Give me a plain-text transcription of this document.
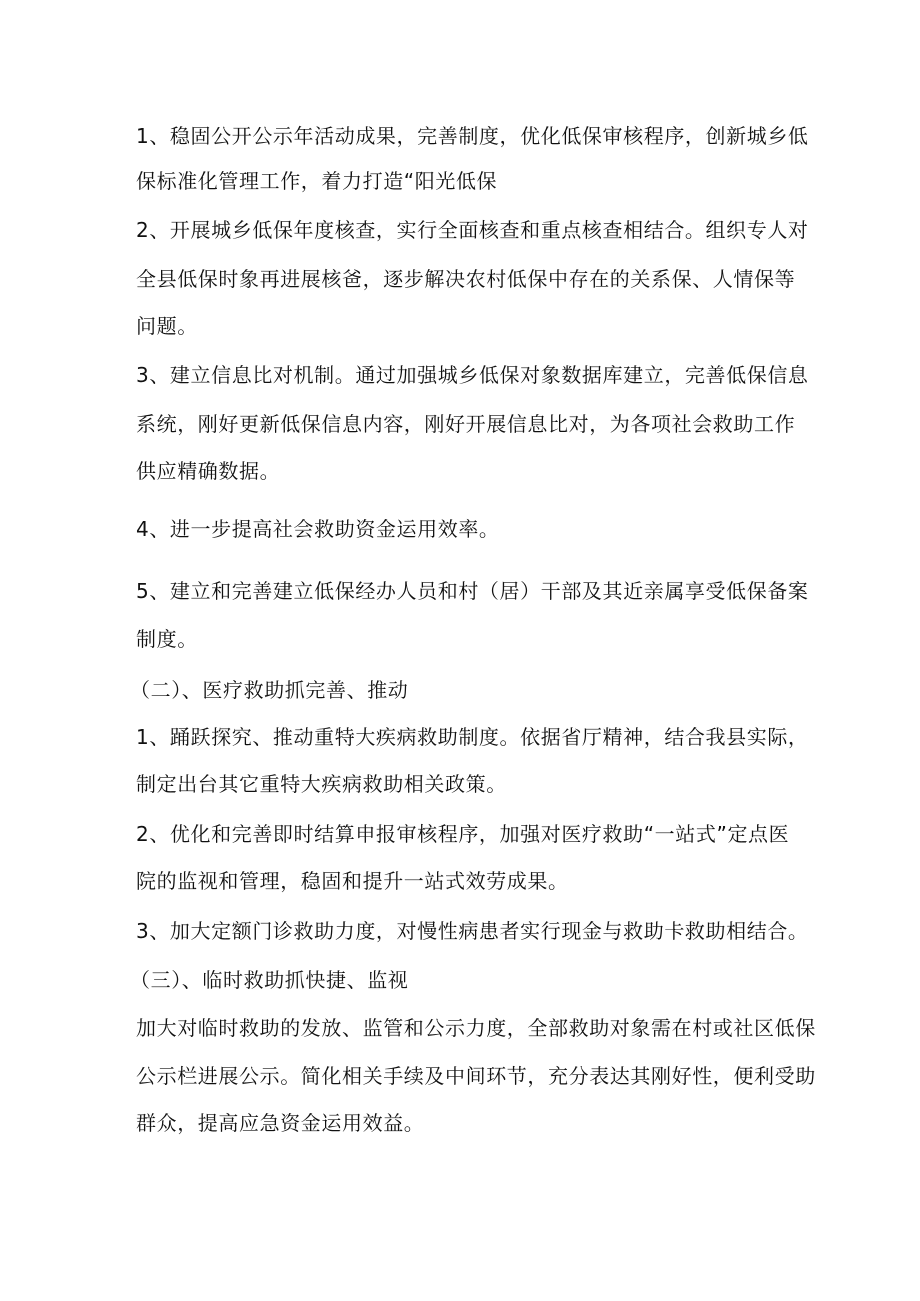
1、稳固公开公示年活动成果，完善制度，优化低保审核程序，创新城乡低
保标准化管理工作，着力打造“阳光低保
2、开展城乡低保年度核查，实行全面核查和重点核查相结合。组织专人对
全县低保时象再进展核爸，逐步解决农村低保中存在的关系保、人情保等
问题。
3、建立信息比对机制。通过加强城乡低保对象数据库建立，完善低保信息
系统，刚好更新低保信息内容，刚好开展信息比对，为各项社会救助工作
供应精确数据。
4、进一步提高社会救助资金运用效率。
5、建立和完善建立低保经办人员和村（居）干部及其近亲属享受低保备案
制度。
（二）、医疗救助抓完善、推动
1、踊跃探究、推动重特大疾病救助制度。依据省厅精神，结合我县实际，
制定出台其它重特大疾病救助相关政策。
2、优化和完善即时结算申报审核程序，加强对医疗救助“一站式”定点医
院的监视和管理，稳固和提升一站式效劳成果。
3、加大定额门诊救助力度，对慢性病患者实行现金与救助卡救助相结合。
（三）、临时救助抓快捷、监视
加大对临时救助的发放、监管和公示力度，全部救助对象需在村或社区低保
公示栏进展公示。简化相关手续及中间环节，充分表达其刚好性，便利受助
群众，提高应急资金运用效益。
